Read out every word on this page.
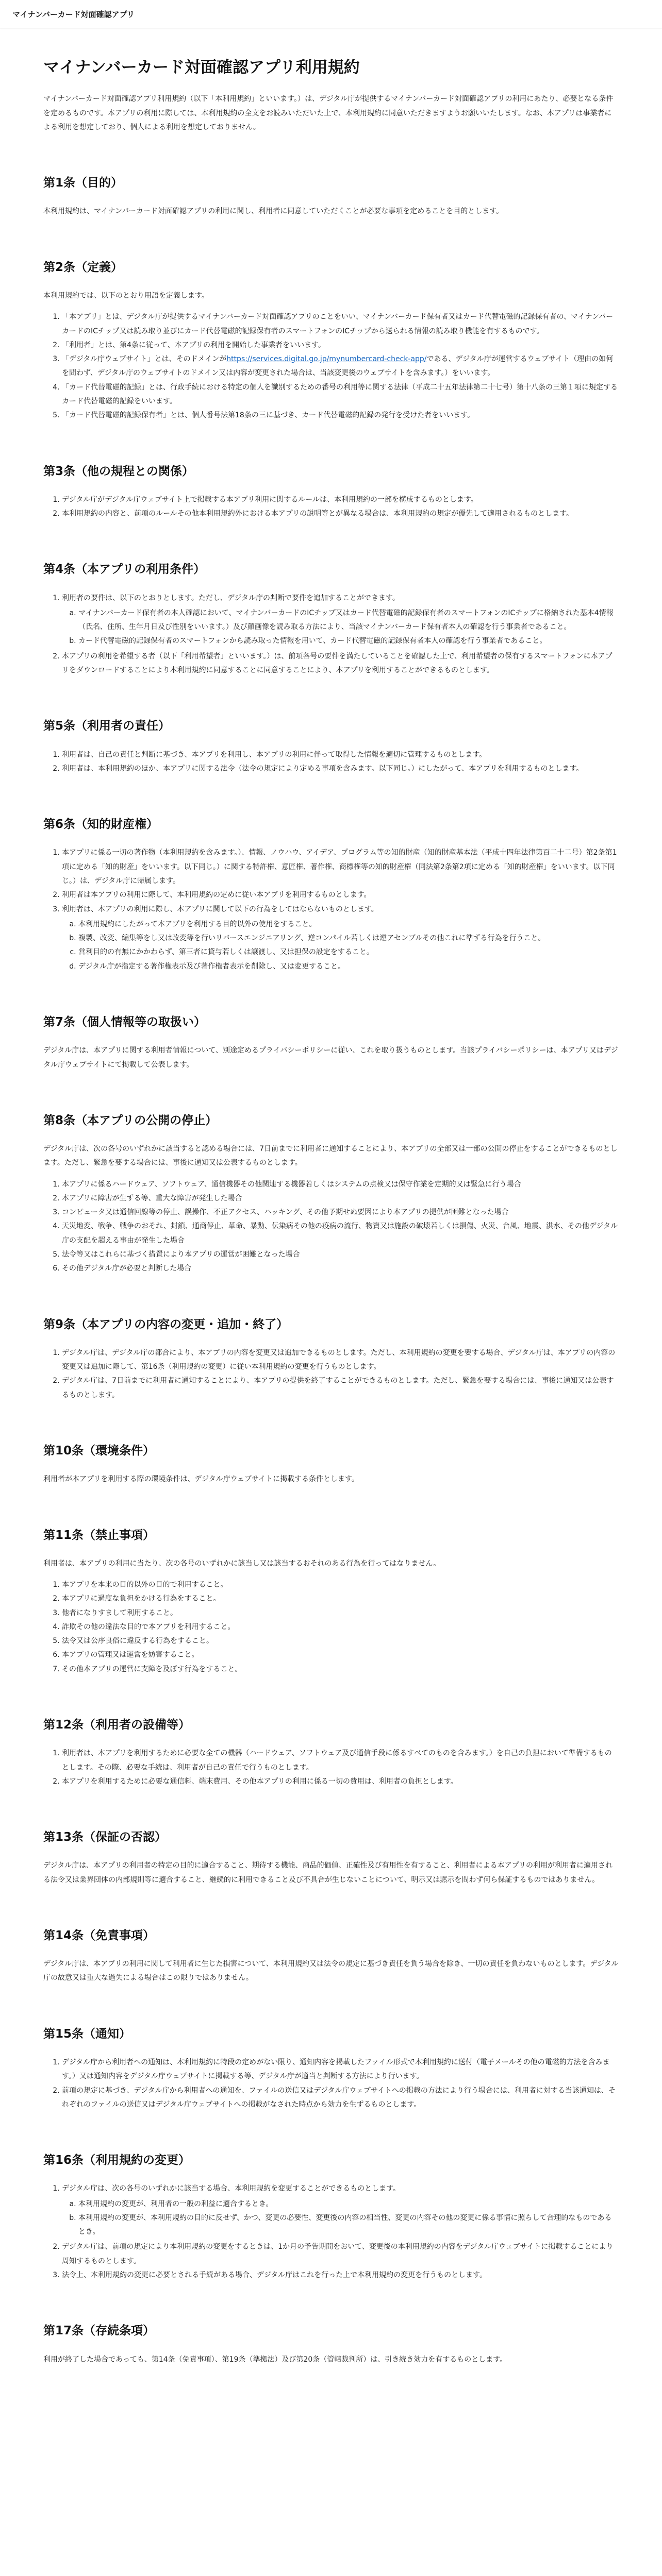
マイナンバーカード対面確認アプリ
マイナンバーカード対面確認アプリ利用規約

マイナンバーカード対面確認アプリ利用規約（以下「本利用規約」といいます。）は、デジタル庁が提供するマイナンバーカード対面確認アプリの利用にあたり、必要となる条件を定めるものです。本アプリの利用に際しては、本利用規約の全文をお読みいただいた上で、本利用規約に同意いただきますようお願いいたします。なお、本アプリは事業者による利用を想定しており、個人による利用を想定しておりません。

第1条（目的）

本利用規約は、マイナンバーカード対面確認アプリの利用に関し、利用者に同意していただくことが必要な事項を定めることを目的とします。

第2条（定義）

本利用規約では、以下のとおり用語を定義します。

1. 「本アプリ」とは、デジタル庁が提供するマイナンバーカード対面確認アプリのことをいい、マイナンバーカード保有者又はカード代替電磁的記録保有者の、マイナンバーカードのICチップ又は読み取り並びにカード代替電磁的記録保有者のスマートフォンのICチップから送られる情報の読み取り機能を有するものです。
2. 「利用者」とは、第4条に従って、本アプリの利用を開始した事業者をいいます。
3. 「デジタル庁ウェブサイト」とは、そのドメインがhttps://services.digital.go.jp/mynumbercard-check-app/である、デジタル庁が運営するウェブサイト（理由の如何を問わず、デジタル庁のウェブサイトのドメイン又は内容が変更された場合は、当該変更後のウェブサイトを含みます。）をいいます。
4. 「カード代替電磁的記録」とは、行政手続における特定の個人を識別するための番号の利用等に関する法律（平成二十五年法律第二十七号）第十八条の三第１項に規定するカード代替電磁的記録をいいます。
5. 「カード代替電磁的記録保有者」とは、個人番号法第18条の三に基づき、カード代替電磁的記録の発行を受けた者をいいます。
第3条（他の規程との関係）
1. デジタル庁がデジタル庁ウェブサイト上で掲載する本アプリ利用に関するルールは、本利用規約の一部を構成するものとします。
2. 本利用規約の内容と、前項のルールその他本利用規約外における本アプリの説明等とが異なる場合は、本利用規約の規定が優先して適用されるものとします。
第4条（本アプリの利用条件）
1. 利用者の要件は、以下のとおりとします。ただし、デジタル庁の判断で要件を追加することができます。
a. マイナンバーカード保有者の本人確認において、マイナンバーカードのICチップ又はカード代替電磁的記録保有者のスマートフォンのICチップに格納された基本4情報（氏名、住所、生年月日及び性別をいいます。）及び顔画像を読み取る方法により、当該マイナンバーカード保有者本人の確認を行う事業者であること。
b. カード代替電磁的記録保有者のスマートフォンから読み取った情報を用いて、カード代替電磁的記録保有者本人の確認を行う事業者であること。
2. 本アプリの利用を希望する者（以下「利用希望者」といいます。）は、前項各号の要件を満たしていることを確認した上で、利用希望者の保有するスマートフォンに本アプリをダウンロードすることにより本利用規約に同意することに同意することにより、本アプリを利用することができるものとします。
第5条（利用者の責任）
1. 利用者は、自己の責任と判断に基づき、本アプリを利用し、本アプリの利用に伴って取得した情報を適切に管理するものとします。
2. 利用者は、本利用規約のほか、本アプリに関する法令（法令の規定により定める事項を含みます。以下同じ。）にしたがって、本アプリを利用するものとします。
第6条（知的財産権）
1. 本アプリに係る一切の著作物（本利用規約を含みます。）、情報、ノウハウ、アイデア、プログラム等の知的財産（知的財産基本法（平成十四年法律第百二十二号）第2条第1項に定める「知的財産」をいいます。以下同じ。）に関する特許権、意匠権、著作権、商標権等の知的財産権（同法第2条第2項に定める「知的財産権」をいいます。以下同じ。）は、デジタル庁に帰属します。
2. 利用者は本アプリの利用に際して、本利用規約の定めに従い本アプリを利用するものとします。
3. 利用者は、本アプリの利用に際し、本アプリに関して以下の行為をしてはならないものとします。
a. 本利用規約にしたがって本アプリを利用する目的以外の使用をすること。
b. 複製、改変、編集等をし又は改変等を行いリバースエンジニアリング、逆コンパイル若しくは逆アセンブルその他これに準ずる行為を行うこと。
c. 営利目的の有無にかかわらず、第三者に貸与若しくは譲渡し、又は担保の設定をすること。
d. デジタル庁が指定する著作権表示及び著作権者表示を削除し、又は変更すること。
第7条（個人情報等の取扱い）

デジタル庁は、本アプリに関する利用者情報について、別途定めるプライバシーポリシーに従い、これを取り扱うものとします。当該プライバシーポリシーは、本アプリ又はデジタル庁ウェブサイトにて掲載して公表します。

第8条（本アプリの公開の停止）

デジタル庁は、次の各号のいずれかに該当すると認める場合には、7日前までに利用者に通知することにより、本アプリの全部又は一部の公開の停止をすることができるものとします。ただし、緊急を要する場合には、事後に通知又は公表するものとします。

1. 本アプリに係るハードウェア、ソフトウェア、通信機器その他関連する機器若しくはシステムの点検又は保守作業を定期的又は緊急に行う場合
2. 本アプリに障害が生ずる等、重大な障害が発生した場合
3. コンピュータ又は通信回線等の停止、誤操作、不正アクセス、ハッキング、その他予期せぬ要因により本アプリの提供が困難となった場合
4. 天災地変、戦争、戦争のおそれ、封鎖、通商停止、革命、暴動、伝染病その他の疫病の流行、物資又は施設の破壊若しくは損傷、火災、台風、地震、洪水、その他デジタル庁の支配を超える事由が発生した場合
5. 法令等又はこれらに基づく措置により本アプリの運営が困難となった場合
6. その他デジタル庁が必要と判断した場合
第9条（本アプリの内容の変更・追加・終了）
1. デジタル庁は、デジタル庁の都合により、本アプリの内容を変更又は追加できるものとします。ただし、本利用規約の変更を要する場合、デジタル庁は、本アプリの内容の変更又は追加に際して、第16条（利用規約の変更）に従い本利用規約の変更を行うものとします。
2. デジタル庁は、7日前までに利用者に通知することにより、本アプリの提供を終了することができるものとします。ただし、緊急を要する場合には、事後に通知又は公表するものとします。
第10条（環境条件）

利用者が本アプリを利用する際の環境条件は、デジタル庁ウェブサイトに掲載する条件とします。

第11条（禁止事項）

利用者は、本アプリの利用に当たり、次の各号のいずれかに該当し又は該当するおそれのある行為を行ってはなりません。

1. 本アプリを本来の目的以外の目的で利用すること。
2. 本アプリに過度な負担をかける行為をすること。
3. 他者になりすまして利用すること。
4. 詐欺その他の違法な目的で本アプリを利用すること。
5. 法令又は公序良俗に違反する行為をすること。
6. 本アプリの管理又は運営を妨害すること。
7. その他本アプリの運営に支障を及ぼす行為をすること。
第12条（利用者の設備等）
1. 利用者は、本アプリを利用するために必要な全ての機器（ハードウェア、ソフトウェア及び通信手段に係るすべてのものを含みます。）を自己の負担において準備するものとします。その際、必要な手続は、利用者が自己の責任で行うものとします。
2. 本アプリを利用するために必要な通信料、端末費用、その他本アプリの利用に係る一切の費用は、利用者の負担とします。
第13条（保証の否認）

デジタル庁は、本アプリの利用者の特定の目的に適合すること、期待する機能、商品的価値、正確性及び有用性を有すること、利用者による本アプリの利用が利用者に適用される法令又は業界団体の内部規則等に適合すること、継続的に利用できること及び不具合が生じないことについて、明示又は黙示を問わず何ら保証するものではありません。

第14条（免責事項）

デジタル庁は、本アプリの利用に関して利用者に生じた損害について、本利用規約又は法令の規定に基づき責任を負う場合を除き、一切の責任を負わないものとします。デジタル庁の故意又は重大な過失による場合はこの限りではありません。

第15条（通知）
1. デジタル庁から利用者への通知は、本利用規約に特段の定めがない限り、通知内容を掲載したファイル形式で本利用規約に送付（電子メールその他の電磁的方法を含みます。）又は通知内容をデジタル庁ウェブサイトに掲載する等、デジタル庁が適当と判断する方法により行います。
2. 前項の規定に基づき、デジタル庁から利用者への通知を、ファイルの送信又はデジタル庁ウェブサイトへの掲載の方法により行う場合には、利用者に対する当該通知は、それぞれのファイルの送信又はデジタル庁ウェブサイトへの掲載がなされた時点から効力を生ずるものとします。
第16条（利用規約の変更）
1. デジタル庁は、次の各号のいずれかに該当する場合、本利用規約を変更することができるものとします。
a. 本利用規約の変更が、利用者の一般の利益に適合するとき。
b. 本利用規約の変更が、本利用規約の目的に反せず、かつ、変更の必要性、変更後の内容の相当性、変更の内容その他の変更に係る事情に照らして合理的なものであるとき。
2. デジタル庁は、前項の規定により本利用規約の変更をするときは、1か月の予告期間をおいて、変更後の本利用規約の内容をデジタル庁ウェブサイトに掲載することにより周知するものとします。
3. 法令上、本利用規約の変更に必要とされる手続がある場合、デジタル庁はこれを行った上で本利用規約の変更を行うものとします。
第17条（存続条項）

利用が終了した場合であっても、第14条（免責事項）、第19条（準拠法）及び第20条（管轄裁判所）は、引き続き効力を有するものとします。
